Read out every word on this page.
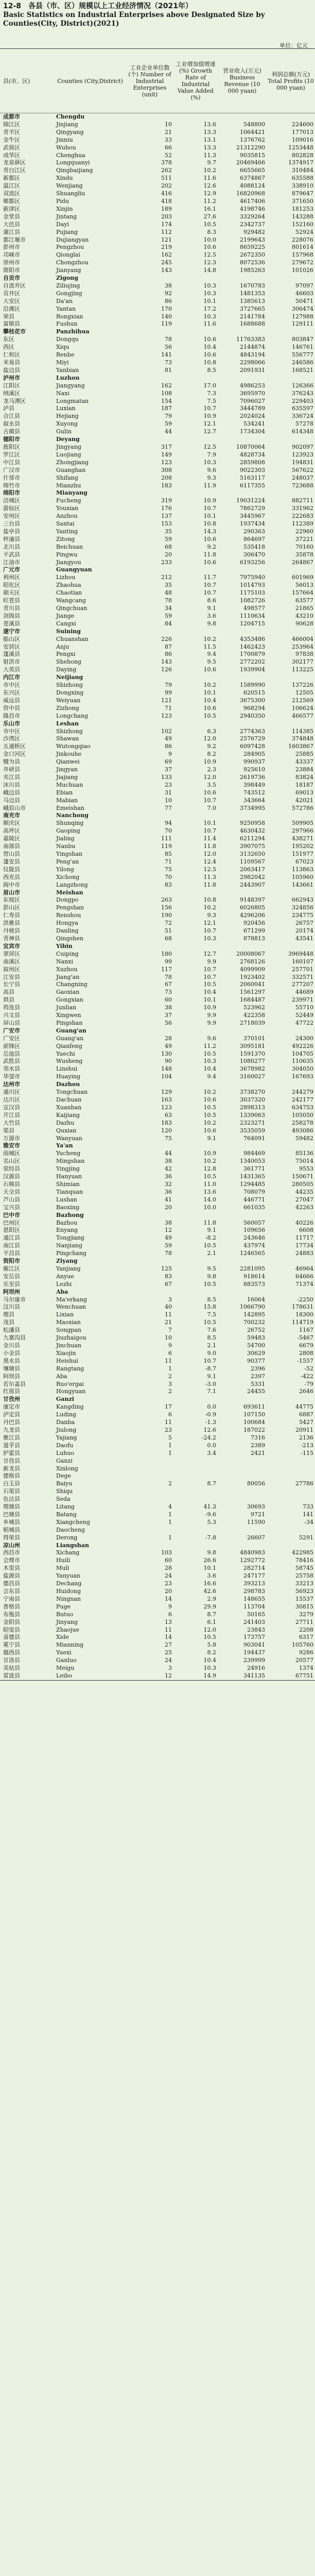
12-8　各县（市、区）规模以上工业经济情况（2021年）
Basic Statistics on Industrial Enterprises above Designated Size by Counties(City, District)(2021)
单位：亿元
县(市、区)	Counties (City,District)	工业企业单位数(个) Number of Industrial Enterprises (unit)	工业增加值增速(%) Growth Rate of Industrial Value Added (%)	营业收入(万元) Business Revenue (10 000 yuan)	利润总额(万元) Total Profits (10 000 yuan)
成都市	Chengdu				
锦江区	Jinjiang	10	13.6	548800	224600
青羊区	Qingyang	21	13.3	1064421	177013
金牛区	Jinniu	33	13.1	1376762	109016
武侯区	Wuhou	66	13.3	21312290	1253448
成华区	Chenghua	52	11.3	9035815	802828
龙泉驿区	Longquanyi	378	9.7	20469466	1374917
青白江区	Qingbaijiang	262	10.2	6655665	310484
新都区	Xindu	511	11.6	6374867	635588
温江区	Wenjiang	202	12.6	4088124	338910
双流区	Shuangliu	416	12.9	16820968	879647
郫都区	Pidu	418	11.2	4617406	371650
新津区	Xinjin	189	16.1	4198746	181253
金堂县	Jintang	203	27.6	3329264	143288
大邑县	Dayi	174	10.5	2342737	152160
蒲江县	Pujiang	112	8.3	929482	52924
都江堰市	Dujiangyan	121	10.0	2199643	228076
彭州市	Pengzhou	219	10.6	8659225	801614
邛崃市	Qionglai	162	12.5	2672350	157968
崇州市	Chongzhou	245	12.3	8072536	279672
简阳市	Jianyang	143	14.8	1985263	101026
自贡市	Zigong				
自流井区	Ziliujing	38	10.3	1670783	97097
贡井区	Gongjing	92	10.3	1481353	46603
大安区	Da'an	86	10.1	1385613	50471
沿滩区	Yantan	170	17.2	3727665	306474
荣县	Rongxian	140	10.3	2141784	127988
富顺县	Fushun	119	11.6	1688688	129111
攀枝花市	Panzhihua				
东区	Dongqu	78	10.6	11763383	803847
西区	Xiqu	56	10.4	2144874	146761
仁和区	Renhe	141	10.6	4843194	556777
米易县	Miyi	73	10.8	2298066	246586
盐边县	Yanbian	81	8.5	2091931	168521
泸州市	Luzhou				
江阳区	Jiangyang	162	17.0	4986253	126366
纳溪区	Naxi	108	7.3	3695970	376243
龙马潭区	Longmatan	154	7.5	7096027	229403
泸县	Luxian	187	10.7	3444789	635597
合江县	Hejiang	79	10.9	2024024	336724
叙永县	Xuyong	59	12.1	534241	57278
古蔺县	Gulin	44	12.7	1734304	614348
德阳市	Deyang				
旌阳区	Jingyang	317	12.5	10870064	902097
罗江区	Luojiang	149	7.9	4828734	123923
中江县	Zhongjiang	123	10.3	2859808	194831
广汉市	Guanghan	308	9.6	9022303	567622
什邡市	Shifang	208	9.3	5163117	248037
绵竹市	Mianzhu	183	11.9	6117355	723688
绵阳市	Mianyang				
涪城区	Fucheng	319	10.9	19031224	882711
游仙区	Youxian	176	10.7	7862729	331962
安州区	Anzhou	137	10.1	3445967	222683
三台县	Santai	153	10.8	1937434	112389
盐亭县	Yanting	35	14.3	290363	22960
梓潼县	Zitong	59	10.6	864697	37221
北川县	Beichuan	68	9.2	535418	70160
平武县	Pingwu	20	11.8	306470	35878
江油市	Jiangyou	233	10.6	6193256	264867
广元市	Guangyuan				
利州区	Lizhou	212	11.7	7975940	601969
昭化区	Zhaohua	35	10.7	1014793	56013
朝天区	Chaotian	48	10.7	1175103	157664
旺苍县	Wangcang	78	8.6	1082726	63577
青川县	Qingchuan	34	9.1	498577	21865
剑阁县	Jiange	59	3.6	1110634	43210
苍溪县	Cangxi	84	9.8	1204715	90628
遂宁市	Suining				
船山区	Chuanshan	226	10.2	4353486	466004
安居区	Anju	87	11.5	1462423	253964
蓬溪县	Pengxi	86	9.4	1700879	97838
射洪市	Shehong	143	9.5	2772202	302177
大英县	Daying	126	10.6	1939904	113225
内江市	Neijiang				
市中区	Shizhong	79	10.2	1589990	137226
东兴区	Dongxing	99	10.1	620515	12505
威远县	Weiyuan	121	10.4	3675300	212569
资中县	Zizhong	71	10.6	968294	106624
隆昌市	Longchang	123	10.5	2940350	466577
乐山市	Leshan				
市中区	Shizhong	102	6.3	2774363	114385
沙湾区	Shawan	49	12.0	2576729	374848
五通桥区	Wutongqiao	86	9.2	6097428	1603867
金口河区	Jinkouhe	9	8.2	284905	25885
犍为县	Qianwei	69	10.9	990937	43337
井研县	Jingyan	37	2.3	925610	23884
夹江县	Jiajiang	133	12.0	2619736	83824
沐川县	Muchuan	23	3.5	398449	18187
峨边县	Ebian	31	10.6	743512	69013
马边县	Mabian	10	10.7	343664	42021
峨眉山市	Emeishan	77	7.0	3734995	572786
南充市	Nanchong				
顺庆区	Shunqing	94	10.1	9250958	509905
高坪区	Gaoping	70	10.7	4630432	297966
嘉陵区	Jialing	111	11.4	6211294	438271
南部县	Nanbu	119	11.8	3907075	195202
营山县	Yingshan	85	12.0	3132650	151977
蓬安县	Peng'an	71	12.4	1109567	67023
仪陇县	Yilong	75	12.5	2063417	113863
西充县	Xichong	70	11.3	2982042	105960
阆中市	Langzhong	83	11.8	2443907	143661
眉山市	Meishan				
东坡区	Dongpo	263	10.8	9148397	662943
彭山区	Pengshan	156	10.2	6026805	324856
仁寿县	Renshou	190	9.3	4296206	234775
洪雅县	Hongya	72	12.1	920456	26757
丹棱县	Danling	51	10.7	671299	20174
青神县	Qingshen	68	10.3	878813	43541
宜宾市	Yibin				
翠屏区	Cuiping	180	12.7	20008067	3969448
南溪区	Nanxi	99	9.9	2768126	160107
叙州区	Xuzhou	117	10.7	4099909	257701
江安县	Jiang'an	78	10.7	1923402	332571
长宁县	Changning	67	10.5	2060041	277207
高县	Gaoxian	73	10.4	1561297	44689
珙县	Gongxian	60	10.1	1684487	239971
筠连县	Junlian	38	10.9	523962	55710
兴文县	Xingwen	37	9.9	422358	52449
屏山县	Pingshan	56	9.9	2718039	47722
广安市	Guang'an				
广安区	Guang'an	28	9.6	370101	24300
前锋区	Qianfeng	49	11.2	3095181	492226
岳池县	Yuechi	130	10.5	1591370	104705
武胜县	Wusheng	90	10.3	1080277	110635
邻水县	Linshui	148	10.4	3678982	304050
华蓥市	Huaying	104	9.4	3160027	167693
达州市	Dazhou				
通川区	Tongchuan	129	10.2	3738270	244279
达川区	Dachuan	163	10.6	3037320	242177
宣汉县	Xuanhan	123	10.5	2898313	634753
开江县	Kaijiang	63	10.5	1339063	105050
大竹县	Dazhu	183	10.2	2323271	258278
渠县	Quxian	120	10.6	3535059	493086
万源市	Wanyuan	75	9.1	764091	59482
雅安市	Ya'an				
雨城区	Yucheng	44	10.9	984469	85136
名山区	Mingshan	38	10.2	1340053	75014
荥经县	Yingjing	42	12.8	361771	9553
汉源县	Hanyuan	36	10.5	1431365	150671
石棉县	Shimian	32	11.0	1294485	280505
天全县	Tianquan	36	13.6	708079	44235
芦山县	Lushan	41	14.0	446771	27047
宝兴县	Baoxing	20	10.0	661035	42263
巴中市	Bazhong				
巴州区	Bazhou	38	11.8	560057	40226
恩阳区	Enyang	12	9.1	109656	6608
通江县	Tongjiang	49	-8.2	243646	11717
南江县	Nanjiang	59	10.5	437974	17734
平昌县	Pingchang	78	2.1	1246565	24883
资阳市	Ziyang				
雁江区	Yanjiang	125	9.5	2281095	46964
安岳县	Anyue	83	9.8	918614	64666
乐至县	Lezhi	67	10.5	883573	71374
阿坝州	Aba				
马尔康市	Ma'erkang	3	8.5	16064	-2250
汶川县	Wenchuan	40	15.8	1066790	178631
理县	Lixian	11	7.5	142895	18300
茂县	Maoxian	21	10.5	700232	114719
松潘县	Songpan	7	7.6	26752	1167
九寨沟县	Jiuzhaigou	10	8.5	59483	-5467
金川县	Jinchuan	9	2.1	54700	6679
小金县	Xiaojin	6	9.0	30629	2808
黑水县	Heishui	11	10.7	90377	-1557
壤塘县	Rangtang	1	-8.7	2396	-52
阿坝县	Aba	2	9.1	2397	-422
若尔盖县	Ruo'ergai	3	-3.0	5331	-79
红原县	Hongyuan	2	7.1	24455	2646
甘孜州	Ganzi				
康定市	Kangding	17	0.0	693611	44775
泸定县	Luding	6	-0.9	107150	6887
丹巴县	Danba	11	-1.3	100684	5427
九龙县	Jiulong	23	12.6	187022	20911
雅江县	Yajiang	5	-24.2	7316	2136
道孚县	Daofu	1	0.0	2389	-213
炉霍县	Luhuo	1	3.4	2421	-115
甘孜县	Ganzi				
新龙县	Xinlong				
德格县	Dege				
白玉县	Baiyu	2	8.7	80056	27786
石渠县	Shiqu				
色达县	Seda				
理塘县	Litang	4	41.3	30693	733
巴塘县	Batang	1	-9.6	9721	141
乡城县	Xiangcheng	1	5.3	11590	-34
稻城县	Daocheng				
得荣县	Derong	1	-7.8	26607	5291
凉山州	Liangshan				
西昌市	Xichang	103	9.8	4840983	422985
会理市	Huili	60	26.6	1292772	78416
木里县	Muli	28	10.1	282714	58745
盐源县	Yanyuan	24	3.6	247177	25758
德昌县	Dechang	23	16.6	393213	33213
会东县	Huidong	20	42.6	298783	56923
宁南县	Ningnan	14	2.9	148655	15537
普格县	Puge	9	29.9	113704	30815
布拖县	Butuo	6	8.7	50165	3279
金阳县	Jinyang	13	6.1	241403	27711
昭觉县	Zhaojue	11	12.0	23843	2208
喜德县	Xide	14	10.5	173757	6317
冕宁县	Mianning	27	5.8	903041	105760
越西县	Yuexi	25	8.2	194437	9286
甘洛县	Ganluo	24	10.4	239999	20577
美姑县	Meigu	3	10.3	24916	1374
雷波县	Leibo	12	14.9	341135	67751
